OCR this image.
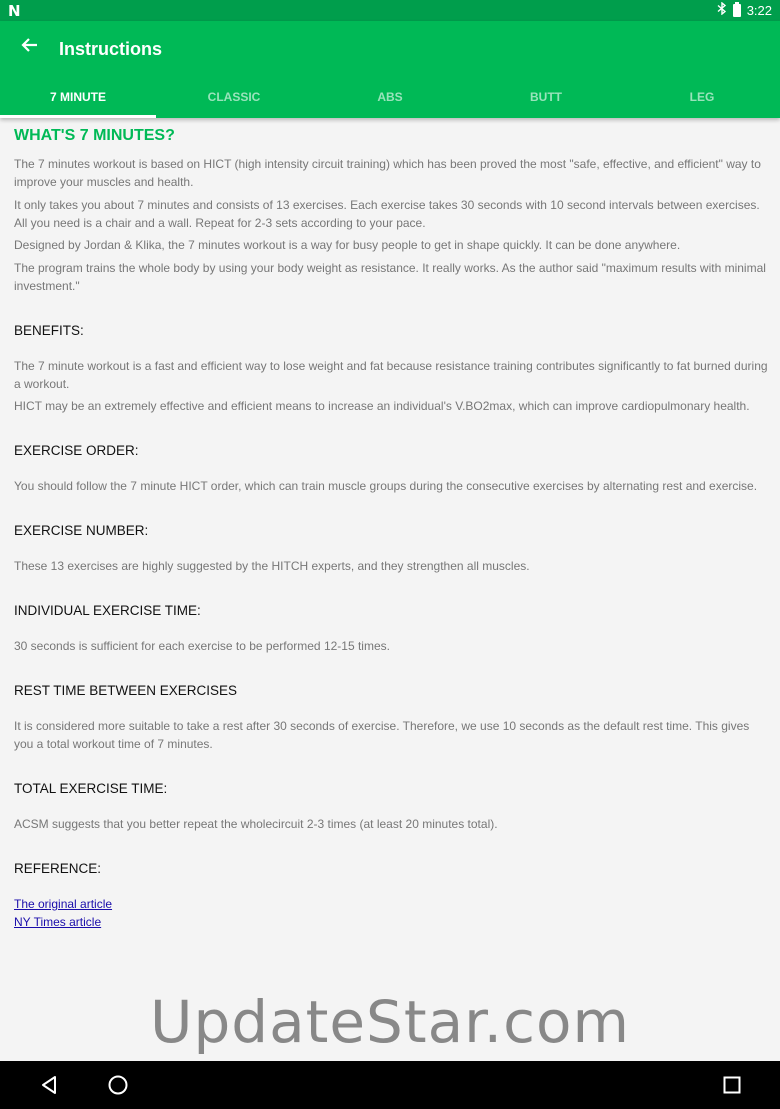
N	3:22
Instructions
7 MINUTE	CLASSIC	ABS	BUTT	LEG
WHAT'S 7 MINUTES?

The 7 minutes workout is based on HICT (high intensity circuit training) which has been proved the most "safe, effective, and efficient" way to improve your muscles and health.

It only takes you about 7 minutes and consists of 13 exercises. Each exercise takes 30 seconds with 10 second intervals between exercises. All you need is a chair and a wall. Repeat for 2-3 sets according to your pace.

Designed by Jordan & Klika, the 7 minutes workout is a way for busy people to get in shape quickly. It can be done anywhere.

The program trains the whole body by using your body weight as resistance. It really works. As the author said "maximum results with minimal investment."

BENEFITS:

The 7 minute workout is a fast and efficient way to lose weight and fat because resistance training contributes significantly to fat burned during a workout.

HICT may be an extremely effective and efficient means to increase an individual's V.BO2max, which can improve cardiopulmonary health.

EXERCISE ORDER:

You should follow the 7 minute HICT order, which can train muscle groups during the consecutive exercises by alternating rest and exercise.

EXERCISE NUMBER:

These 13 exercises are highly suggested by the HITCH experts, and they strengthen all muscles.

INDIVIDUAL EXERCISE TIME:

30 seconds is sufficient for each exercise to be performed 12-15 times.

REST TIME BETWEEN EXERCISES

It is considered more suitable to take a rest after 30 seconds of exercise. Therefore, we use 10 seconds as the default rest time. This gives you a total workout time of 7 minutes.

TOTAL EXERCISE TIME:

ACSM suggests that you better repeat the wholecircuit 2-3 times (at least 20 minutes total).

REFERENCE:
The original article
NY Times article
UpdateStar.com
